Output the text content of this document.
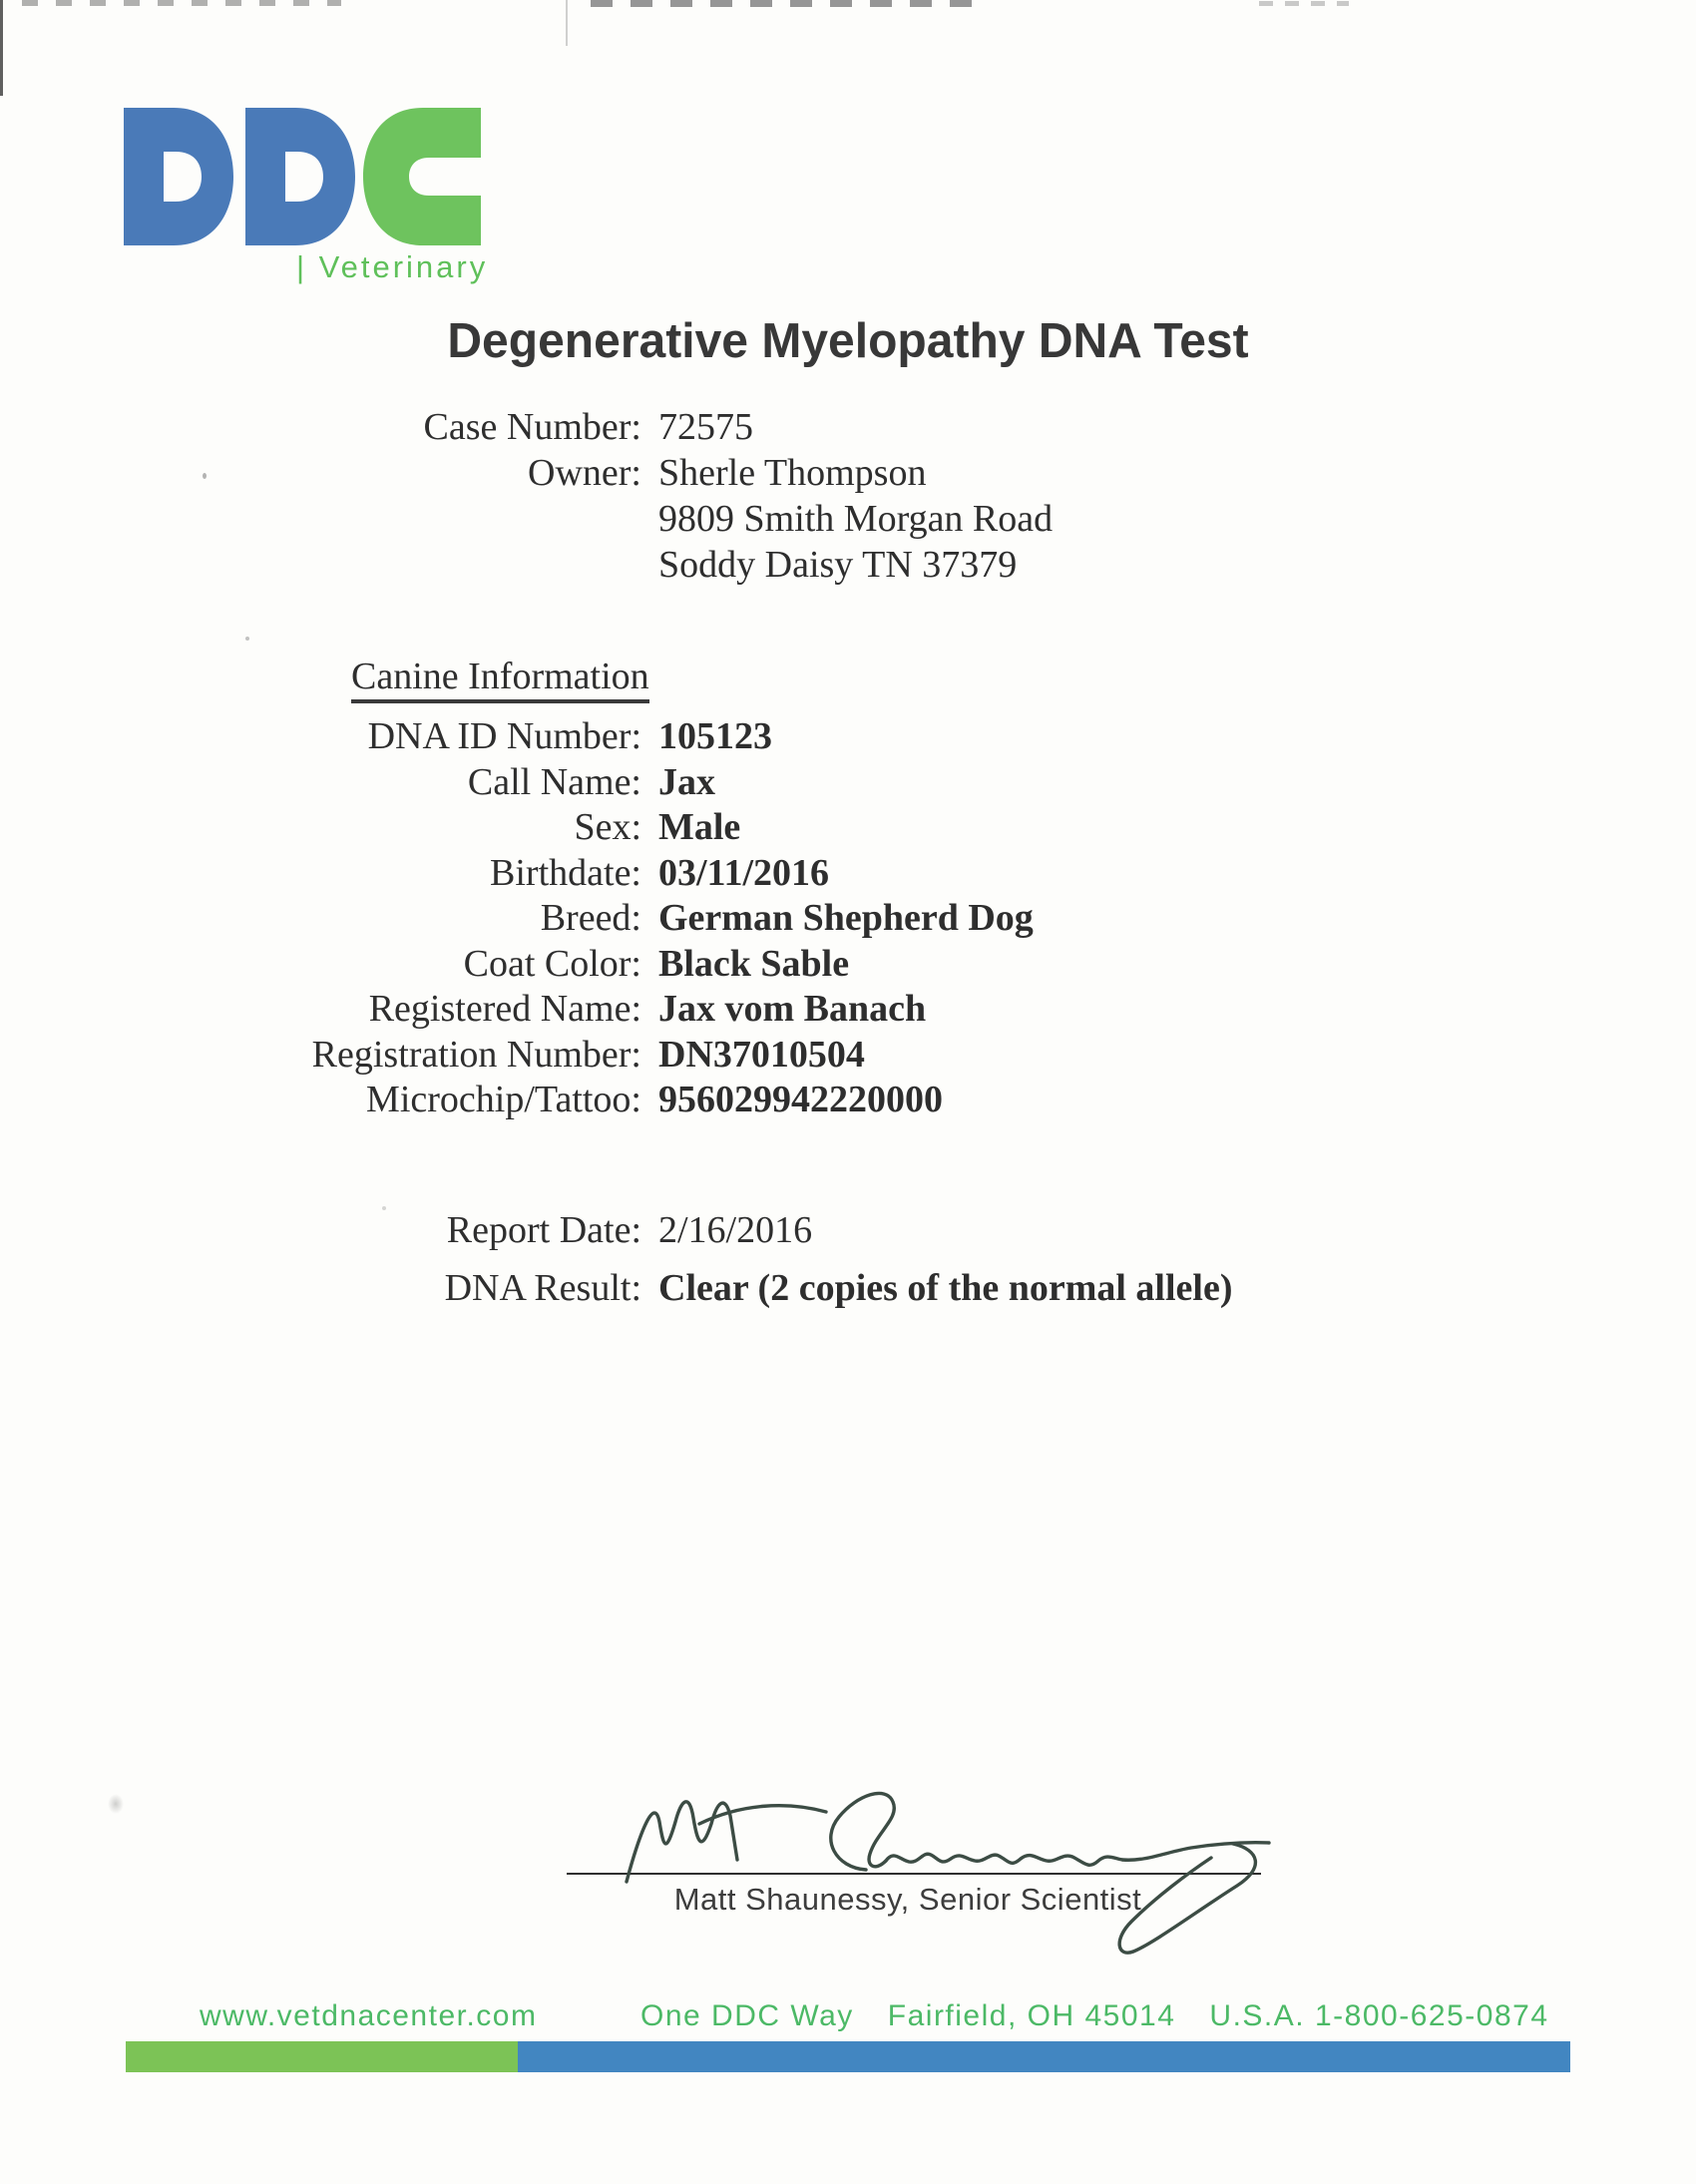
| Veterinary
Degenerative Myelopathy DNA Test
Case Number: 72575
Owner: Sherle Thompson
9809 Smith Morgan Road
Soddy Daisy TN 37379
Canine Information
DNA ID Number: 105123
Call Name: Jax
Sex: Male
Birthdate: 03/11/2016
Breed: German Shepherd Dog
Coat Color: Black Sable
Registered Name: Jax vom Banach
Registration Number: DN37010504
Microchip/Tattoo: 956029942220000
Report Date: 2/16/2016
DNA Result: Clear (2 copies of the normal allele)
Matt Shaunessy, Senior Scientist
www.vetdnacenter.com	One DDC Way Fairfield, OH 45014 U.S.A. 1-800-625-0874
